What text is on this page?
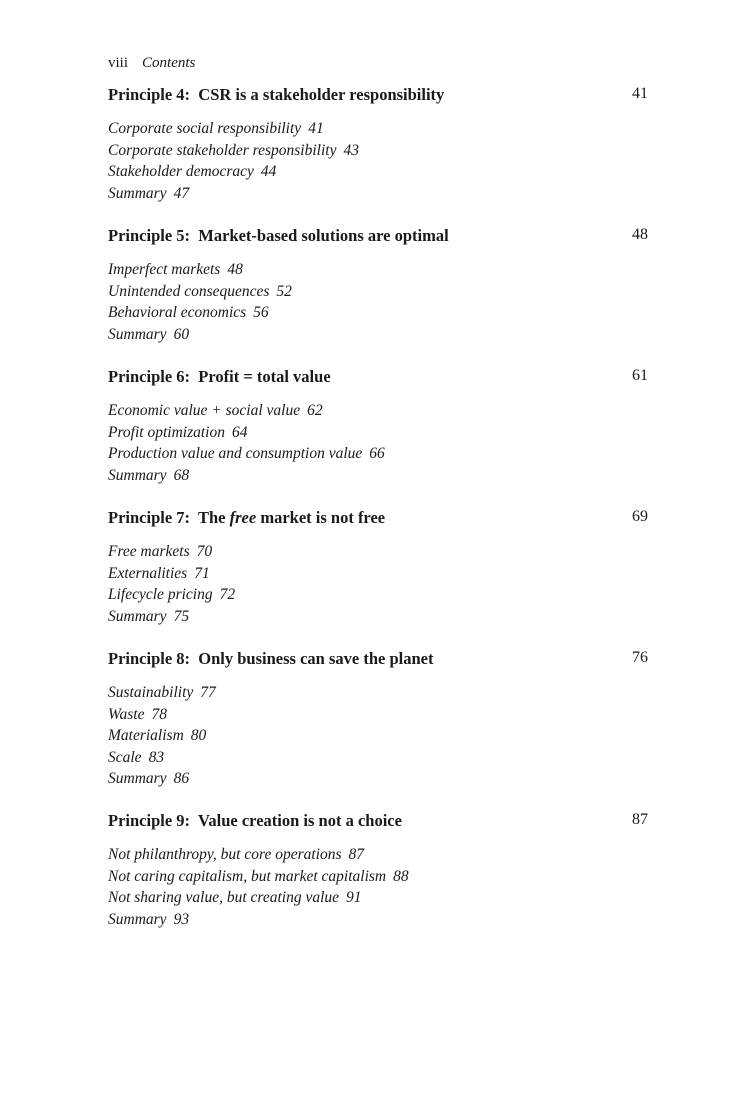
viii Contents
Principle 4: CSR is a stakeholder responsibility	41
Corporate social responsibility 41
Corporate stakeholder responsibility 43
Stakeholder democracy 44
Summary 47
Principle 5: Market-based solutions are optimal	48
Imperfect markets 48
Unintended consequences 52
Behavioral economics 56
Summary 60
Principle 6: Profit = total value	61
Economic value + social value 62
Profit optimization 64
Production value and consumption value 66
Summary 68
Principle 7: The free market is not free	69
Free markets 70
Externalities 71
Lifecycle pricing 72
Summary 75
Principle 8: Only business can save the planet	76
Sustainability 77
Waste 78
Materialism 80
Scale 83
Summary 86
Principle 9: Value creation is not a choice	87
Not philanthropy, but core operations 87
Not caring capitalism, but market capitalism 88
Not sharing value, but creating value 91
Summary 93
